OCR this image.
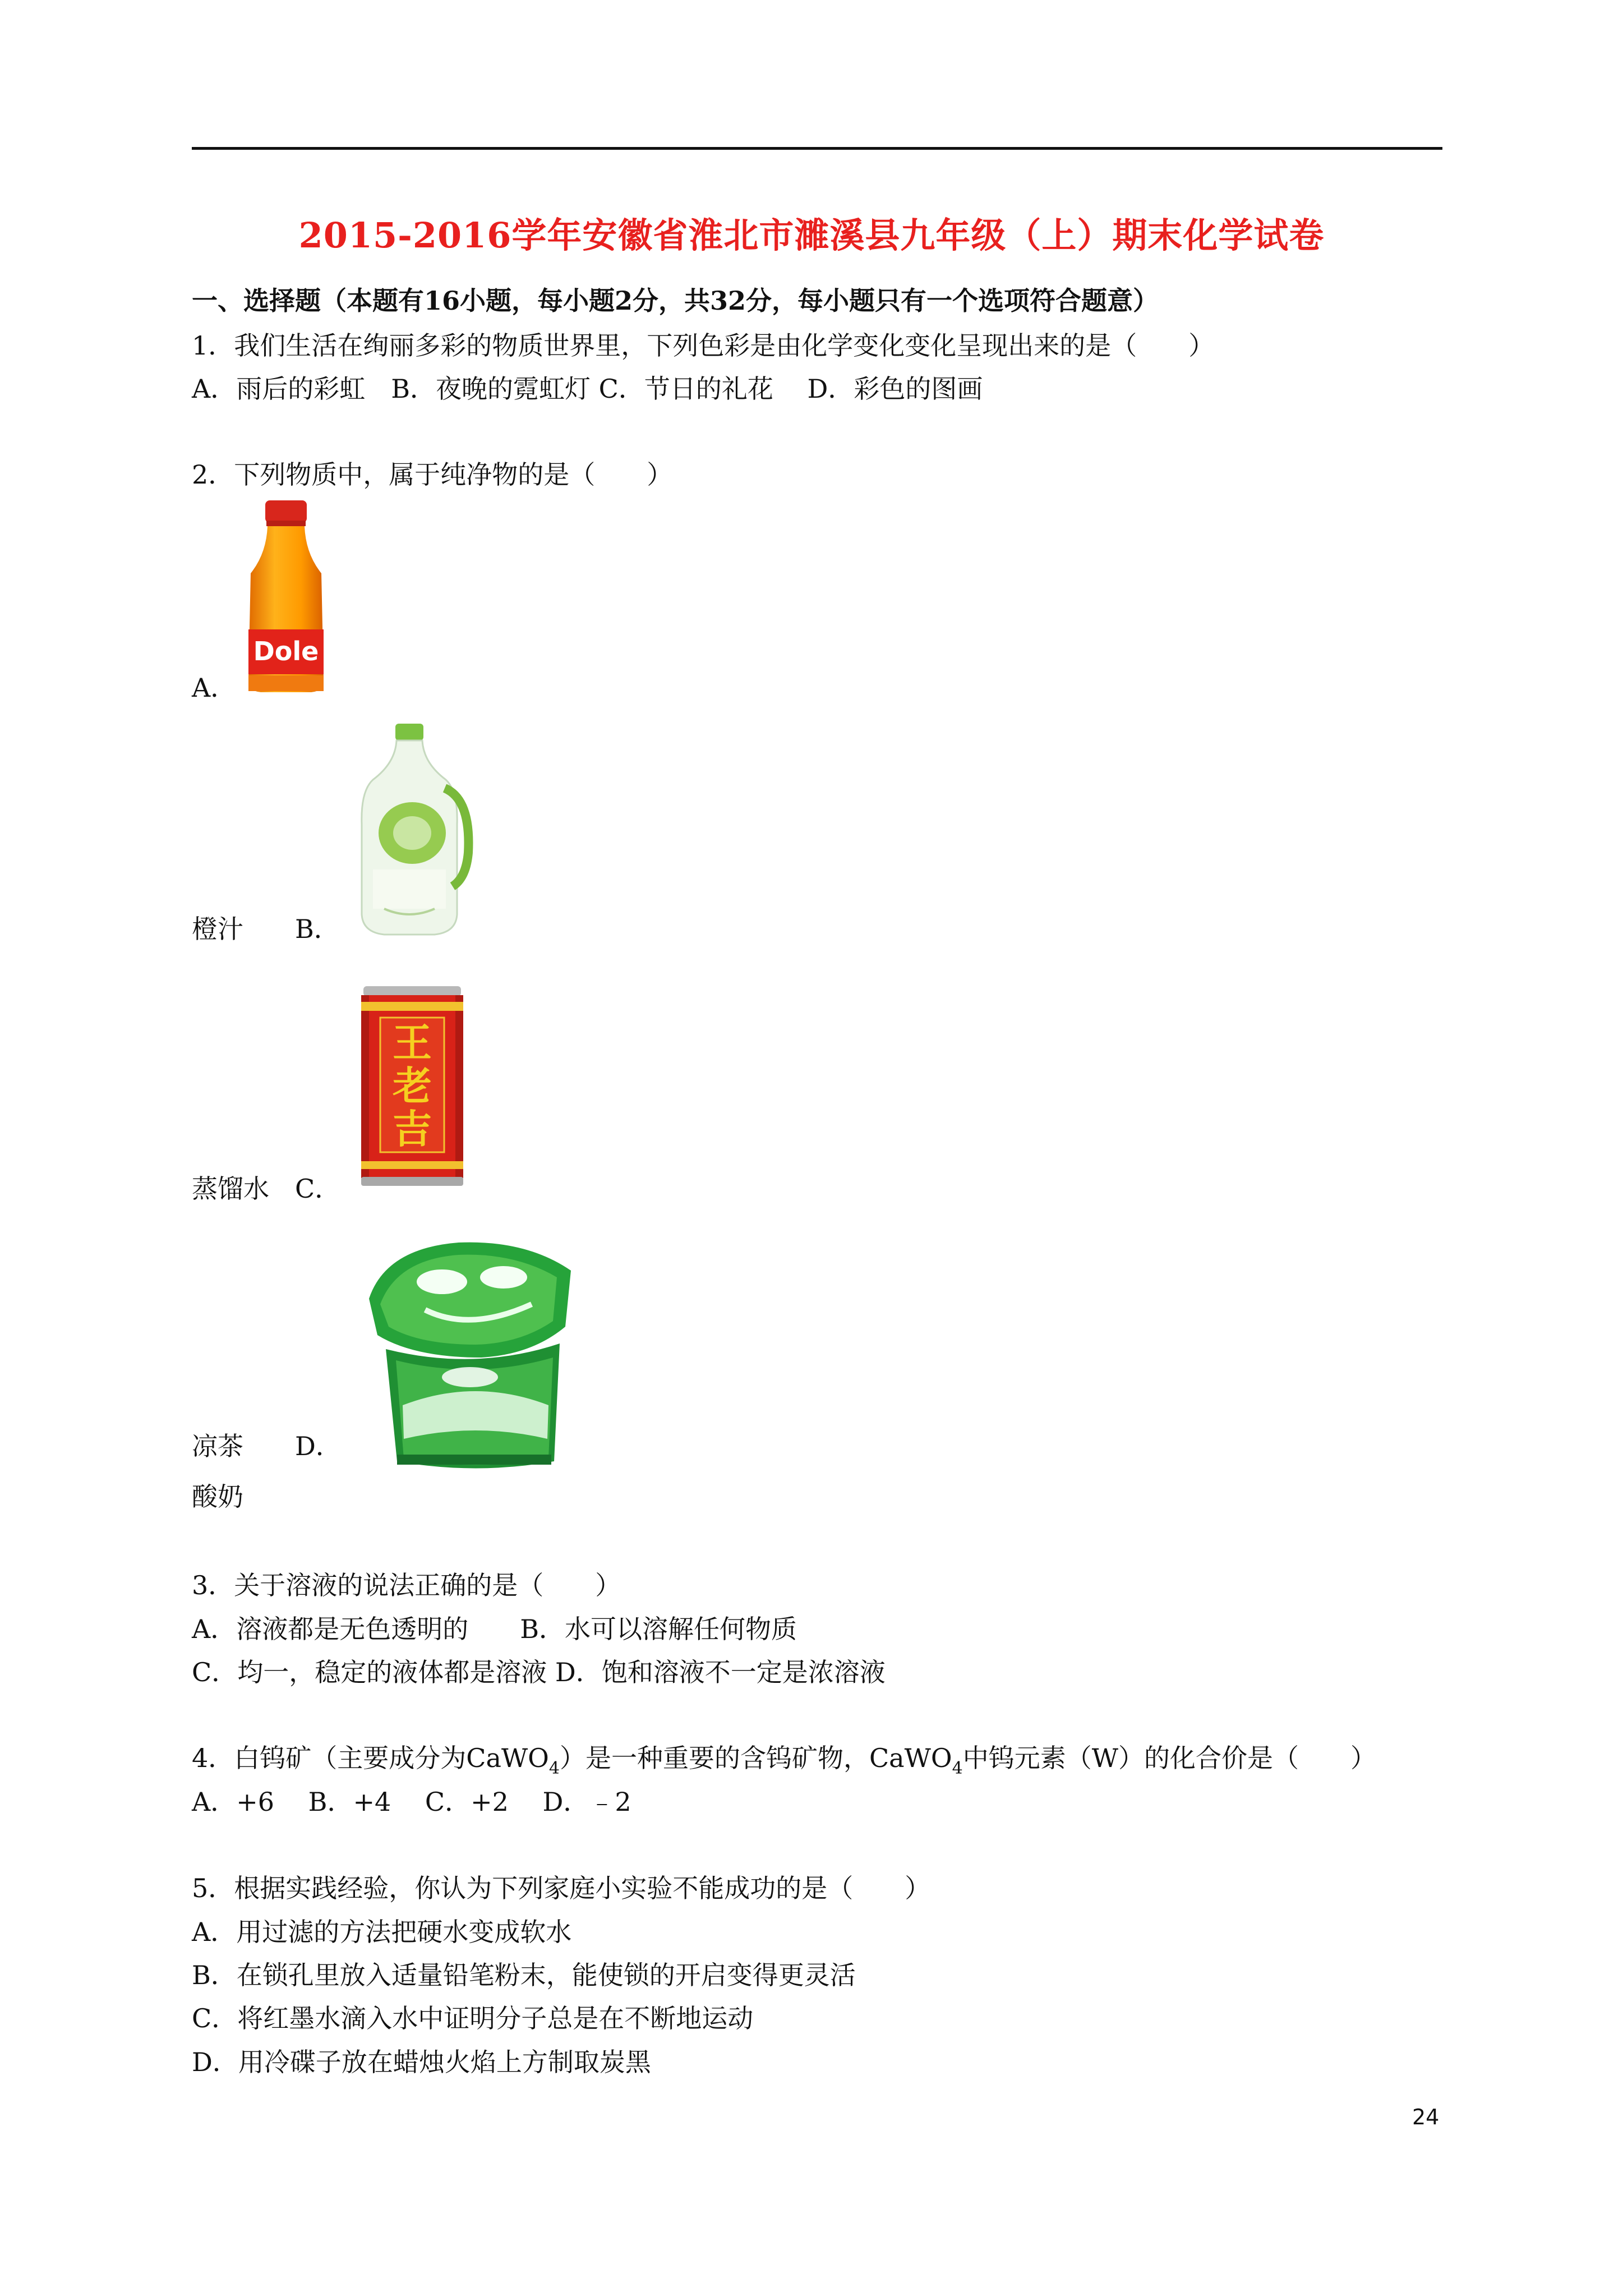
2015-2016学年安徽省淮北市濉溪县九年级（上）期末化学试卷
一、选择题（本题有16小题，每小题2分，共32分，每小题只有一个选项符合题意）
1．我们生活在绚丽多彩的物质世界里，下列色彩是由化学变化变化呈现出来的是（　　）
A．雨后的彩虹　B．夜晚的霓虹灯 C．节日的礼花　 D．彩色的图画
2．下列物质中，属于纯净物的是（　　）
Dole
A．
橙汁　　B．
王
老
吉
蒸馏水　C．
凉茶　　D．
酸奶
3．关于溶液的说法正确的是（　　）
A．溶液都是无色透明的　　B．水可以溶解任何物质
C．均一，稳定的液体都是溶液 D．饱和溶液不一定是浓溶液
4．白钨矿（主要成分为CaWO$_4$）是一种重要的含钨矿物，CaWO$_4$中钨元素（W）的化合价是（　　）
A．+6　 B．+4　 C．+2　 D．﹣2
5．根据实践经验，你认为下列家庭小实验不能成功的是（　　）
A．用过滤的方法把硬水变成软水
B．在锁孔里放入适量铅笔粉末，能使锁的开启变得更灵活
C．将红墨水滴入水中证明分子总是在不断地运动
D．用冷碟子放在蜡烛火焰上方制取炭黑
24
